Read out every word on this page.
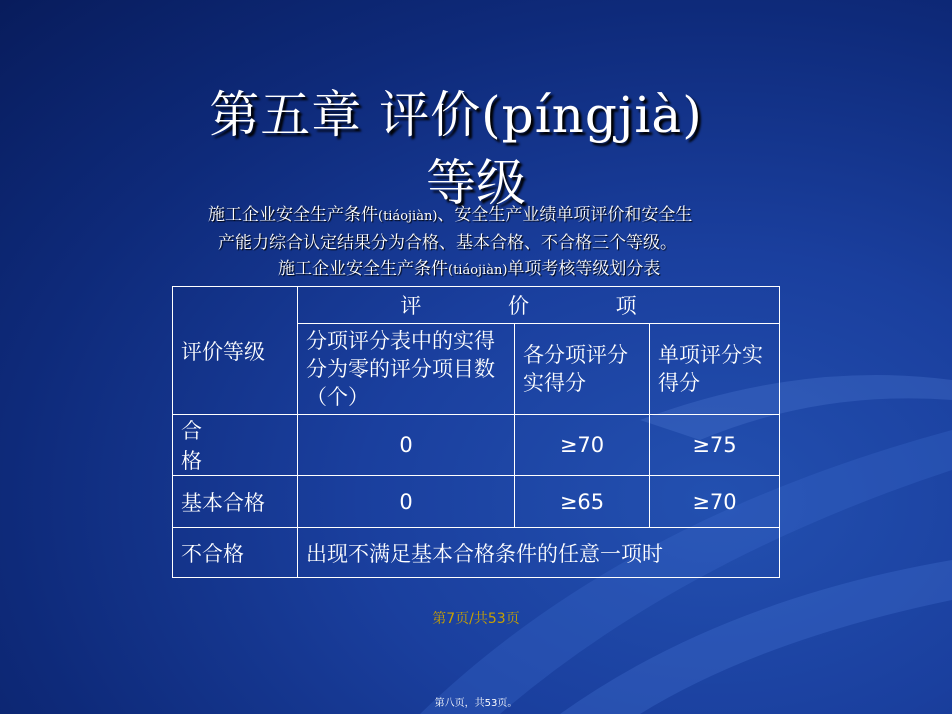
第五章 评价(píngjià)
等级
施工企业安全生产条件(tiáojiàn)、安全生产业绩单项评价和安全生
产能力综合认定结果分为合格、基本合格、不合格三个等级。
施工企业安全生产条件(tiáojiàn)单项考核等级划分表
评价等级	评 价 项		
	分项评分表中的实得分为零的评分项目数（个）	各分项评分实得分	单项评分实得分
合格	0	≥70	≥75
基本合格	0	≥65	≥70
不合格	出现不满足基本合格条件的任意一项时		
第7页/共53页
第八页，共53页。
